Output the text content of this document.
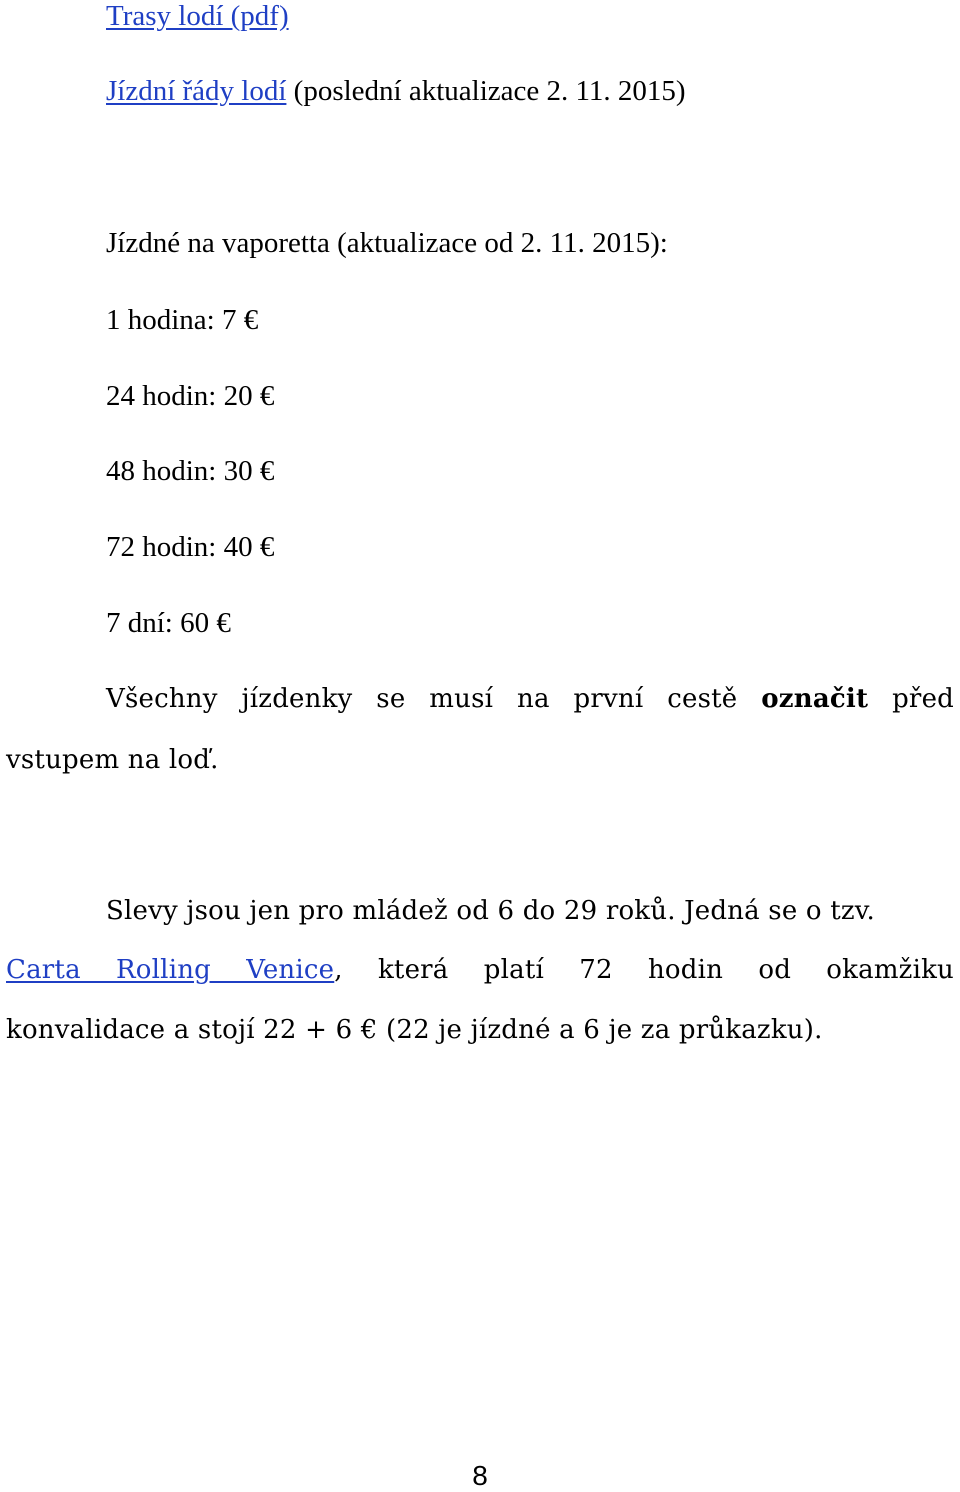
Trasy lodí (pdf)
Jízdní řády lodí (poslední aktualizace 2. 11. 2015)
Jízdné na vaporetta (aktualizace od 2. 11. 2015):
1 hodina: 7 €
24 hodin: 20 €
48 hodin: 30 €
72 hodin: 40 €
7 dní: 60 €
Všechny jízdenky se musí na první cestě označit před
vstupem na loď.
Slevy jsou jen pro mládež od 6 do 29 roků. Jedná se o tzv.
Carta Rolling Venice, která platí 72 hodin od okamžiku
konvalidace a stojí 22 + 6 € (22 je jízdné a 6 je za průkazku).
8
